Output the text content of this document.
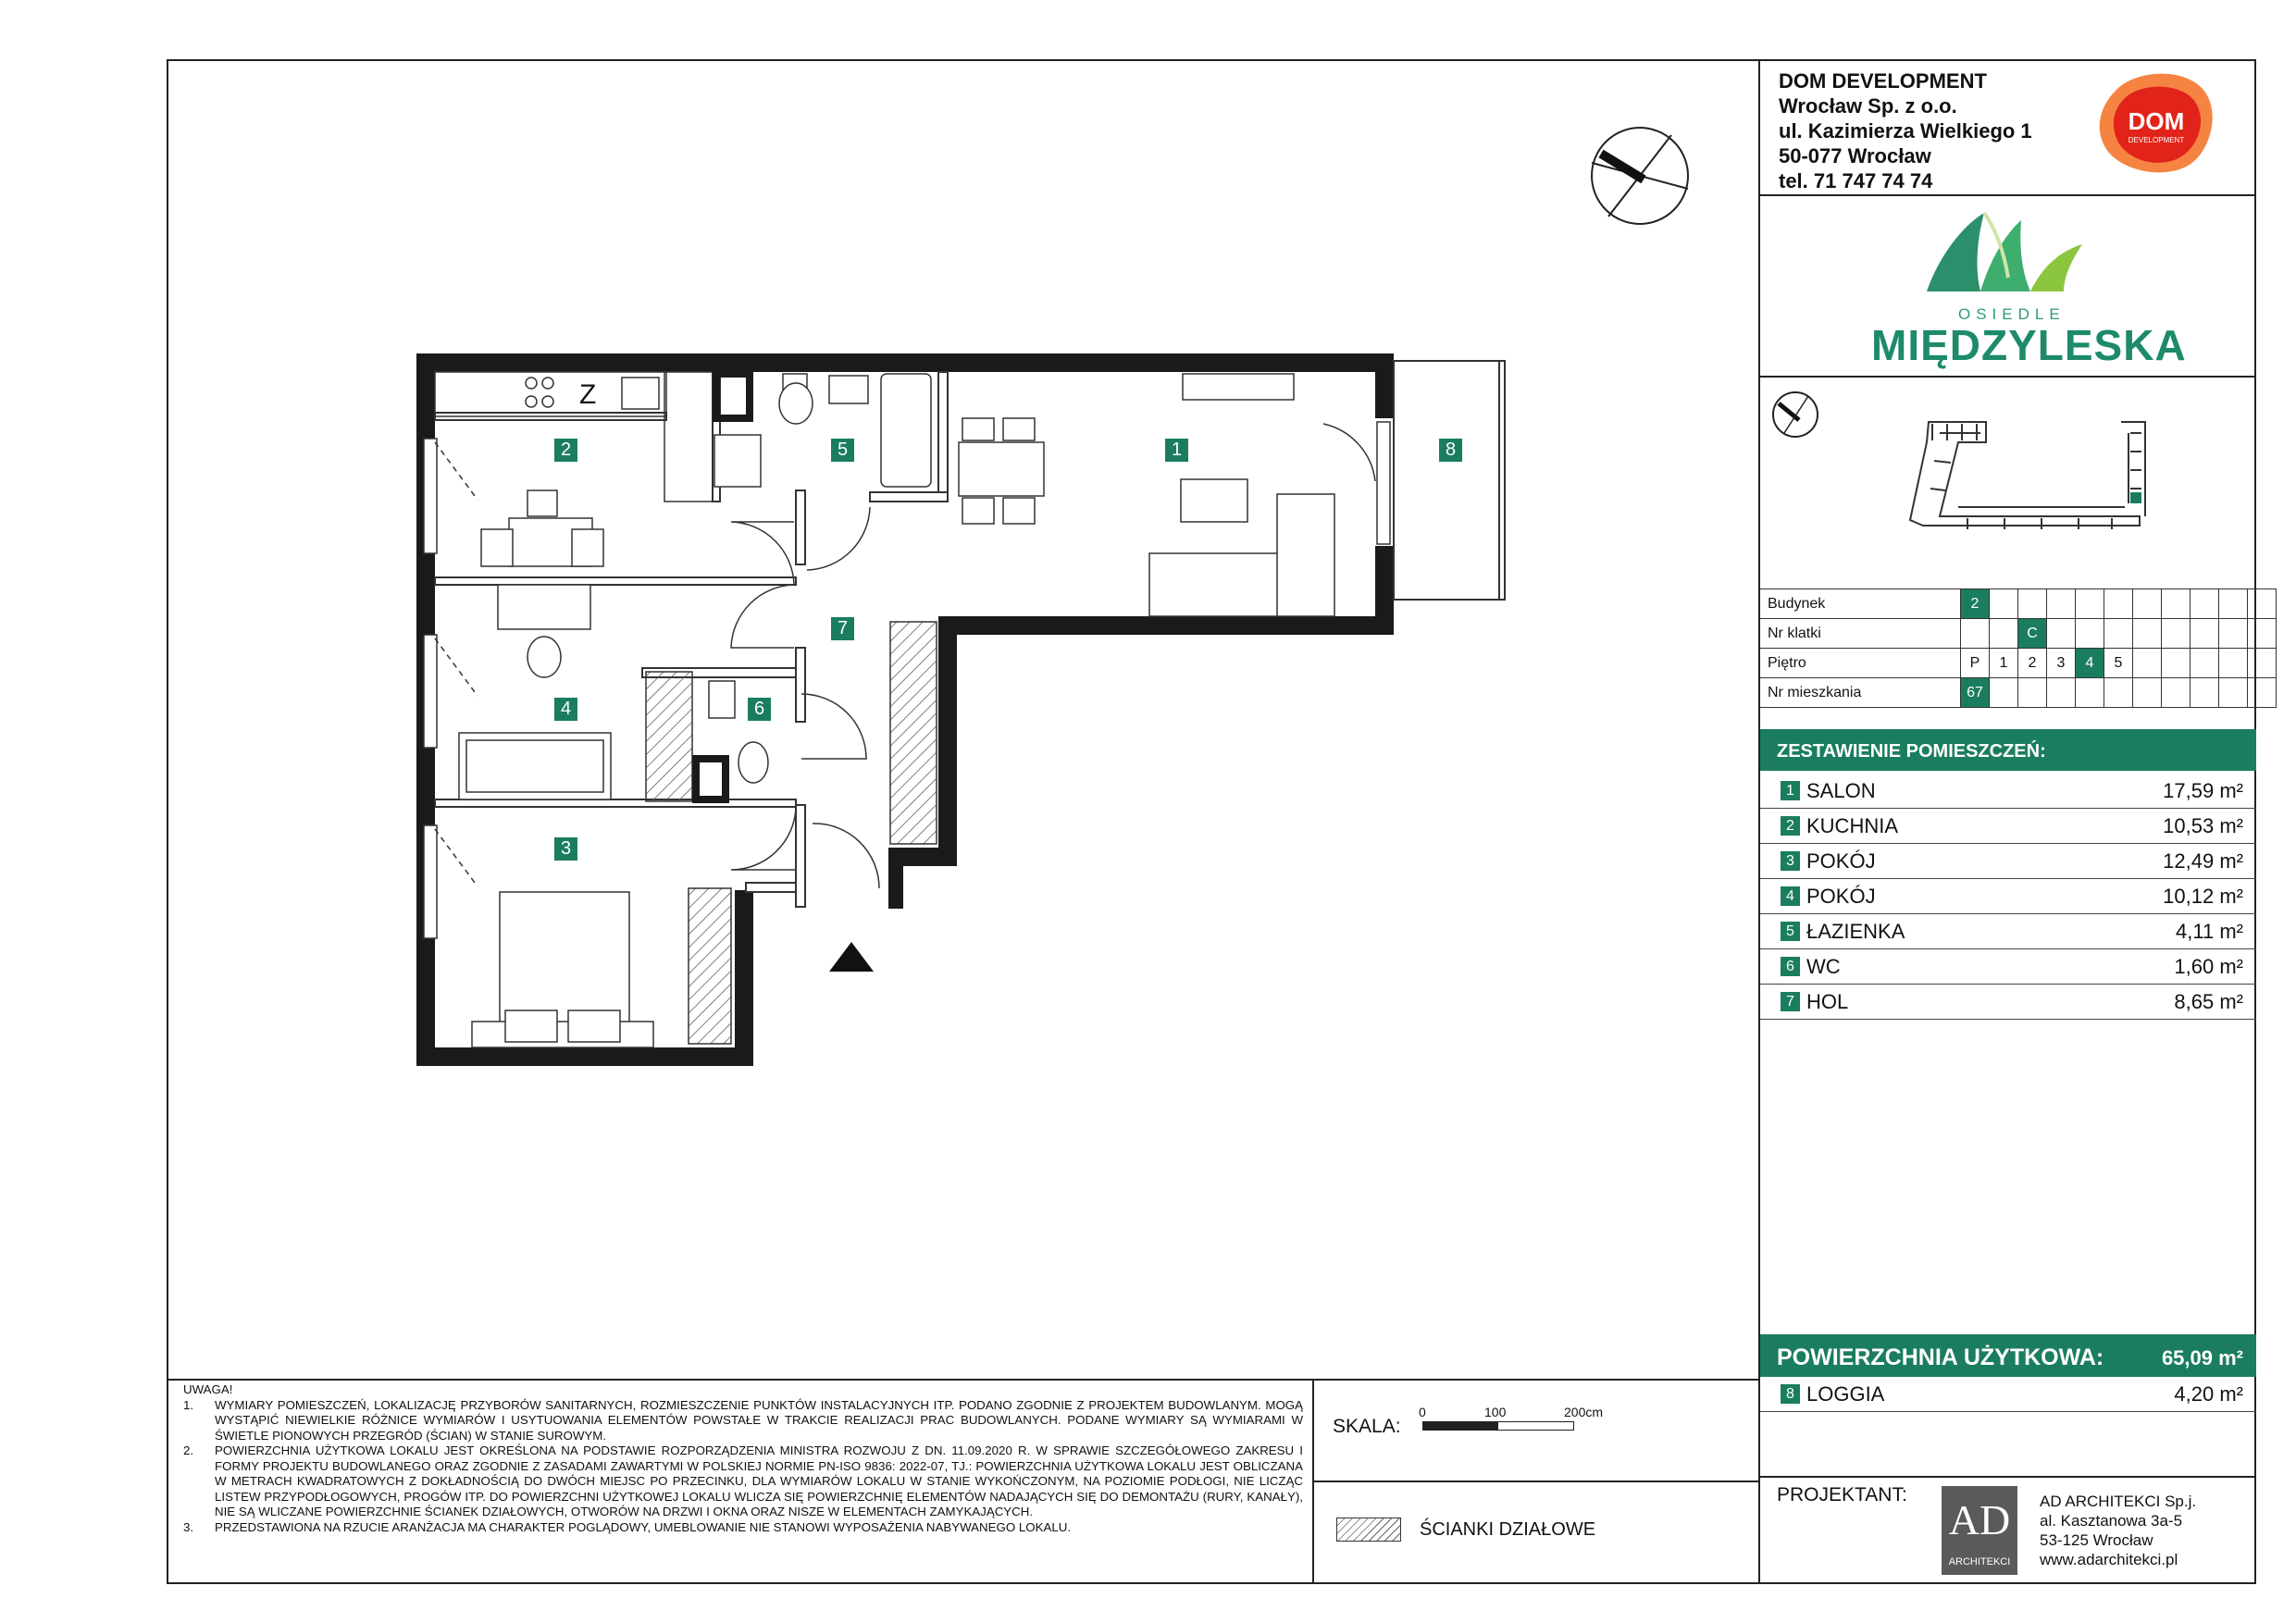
DOM DEVELOPMENT
Wrocław Sp. z o.o.
ul. Kazimierza Wielkiego 1
50-077 Wrocław
tel. 71 747 74 74
DOM
DEVELOPMENT
OSIEDLE
MIĘDZYLESKA
Budynek	2										
Nr klatki			C								
Piętro	P	1	2	3	4	5					
Nr mieszkania	67										
ZESTAWIENIE POMIESZCZEŃ:
1 SALON	17,59 m²
2 KUCHNIA	10,53 m²
3 POKÓJ	12,49 m²
4 POKÓJ	10,12 m²
5 ŁAZIENKA	4,11 m²
6 WC	1,60 m²
7 HOL	8,65 m²
POWIERZCHNIA UŻYTKOWA:	65,09 m²
8 LOGGIA	4,20 m²
PROJEKTANT:
AD
ARCHITEKCI
AD ARCHITEKCI Sp.j.
al. Kasztanowa 3a-5
53-125 Wrocław
www.adarchitekci.pl
SKALA:
0	100	200cm
ŚCIANKI DZIAŁOWE
UWAGA!
1. WYMIARY POMIESZCZEŃ, LOKALIZACJĘ PRZYBORÓW SANITARNYCH, ROZMIESZCZENIE PUNKTÓW INSTALACYJNYCH ITP. PODANO ZGODNIE Z PROJEKTEM BUDOWLANYM. MOGĄ WYSTĄPIĆ NIEWIELKIE RÓŻNICE WYMIARÓW I USYTUOWANIA ELEMENTÓW POWSTAŁE W TRAKCIE REALIZACJI PRAC BUDOWLANYCH. PODANE WYMIARY SĄ WYMIARAMI W ŚWIETLE PIONOWYCH PRZEGRÓD (ŚCIAN) W STANIE SUROWYM.
2. POWIERZCHNIA UŻYTKOWA LOKALU JEST OKREŚLONA NA PODSTAWIE ROZPORZĄDZENIA MINISTRA ROZWOJU Z DN. 11.09.2020 R. W SPRAWIE SZCZEGÓŁOWEGO ZAKRESU I FORMY PROJEKTU BUDOWLANEGO ORAZ ZGODNIE Z ZASADAMI ZAWARTYMI W POLSKIEJ NORMIE PN-ISO 9836: 2022-07, TJ.: POWIERZCHNIA UŻYTKOWA LOKALU JEST OBLICZANA W METRACH KWADRATOWYCH Z DOKŁADNOŚCIĄ DO DWÓCH MIEJSC PO PRZECINKU, DLA WYMIARÓW LOKALU W STANIE WYKOŃCZONYM, NA POZIOMIE PODŁOGI, NIE LICZĄC LISTEW PRZYPODŁOGOWYCH, PROGÓW ITP. DO POWIERZCHNI UŻYTKOWEJ LOKALU WLICZA SIĘ POWIERZCHNIĘ ELEMENTÓW NADAJĄCYCH SIĘ DO DEMONTAŻU (RURY, KANAŁY), NIE SĄ WLICZANE POWIERZCHNIE ŚCIANEK DZIAŁOWYCH, OTWORÓW NA DRZWI I OKNA ORAZ NISZE W ELEMENTACH ZAMYKAJĄCYCH.
3. PRZEDSTAWIONA NA RZUCIE ARANŻACJA MA CHARAKTER POGLĄDOWY, UMEBLOWANIE NIE STANOWI WYPOSAŻENIA NABYWANEGO LOKALU.
Z
1
2
3
4
5
6
7
8
